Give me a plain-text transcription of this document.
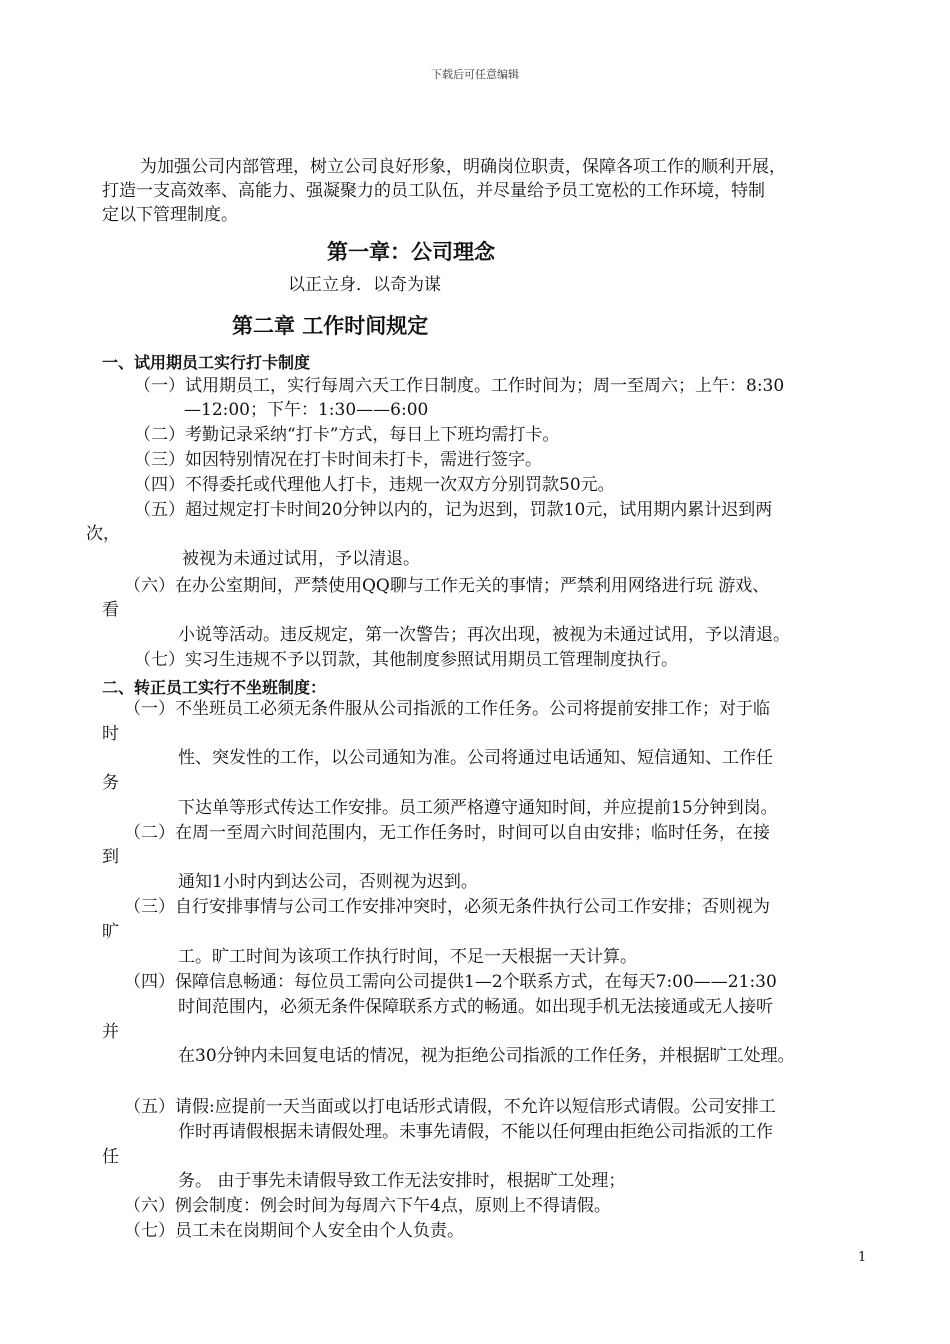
下载后可任意编辑
为加强公司内部管理，树立公司良好形象，明确岗位职责，保障各项工作的顺利开展，
打造一支高效率、高能力、强凝聚力的员工队伍，并尽量给予员工宽松的工作环境，特制
定以下管理制度。
第一章：公司理念
以正立身．以奇为谋
第二章 工作时间规定
一、试用期员工实行打卡制度
（一）试用期员工，实行每周六天工作日制度。工作时间为；周一至周六；上午：8:30
—12:00；下午：1:30——6:00
（二）考勤记录采纳“打卡”方式，每日上下班均需打卡。
（三）如因特别情况在打卡时间未打卡，需进行签字。
（四）不得委托或代理他人打卡，违规一次双方分别罚款50元。
（五）超过规定打卡时间20分钟以内的，记为迟到，罚款10元，试用期内累计迟到两
次，
被视为未通过试用，予以清退。
（六）在办公室期间，严禁使用QQ聊与工作无关的事情；严禁利用网络进行玩 游戏、
看
小说等活动。违反规定，第一次警告；再次出现，被视为未通过试用，予以清退。
（七）实习生违规不予以罚款，其他制度参照试用期员工管理制度执行。
二、转正员工实行不坐班制度：
（一）不坐班员工必须无条件服从公司指派的工作任务。公司将提前安排工作；对于临
时
性、突发性的工作，以公司通知为准。公司将通过电话通知、短信通知、工作任
务
下达单等形式传达工作安排。员工须严格遵守通知时间，并应提前15分钟到岗。
（二）在周一至周六时间范围内，无工作任务时，时间可以自由安排；临时任务，在接
到
通知1小时内到达公司，否则视为迟到。
（三）自行安排事情与公司工作安排冲突时，必须无条件执行公司工作安排；否则视为
旷
工。旷工时间为该项工作执行时间，不足一天根据一天计算。
（四）保障信息畅通：每位员工需向公司提供1—2个联系方式，在每天7:00——21:30
时间范围内，必须无条件保障联系方式的畅通。如出现手机无法接通或无人接听
并
在30分钟内未回复电话的情况，视为拒绝公司指派的工作任务，并根据旷工处理。
（五）请假:应提前一天当面或以打电话形式请假，不允许以短信形式请假。公司安排工
作时再请假根据未请假处理。未事先请假，不能以任何理由拒绝公司指派的工作
任
务。 由于事先未请假导致工作无法安排时，根据旷工处理；
（六）例会制度：例会时间为每周六下午4点，原则上不得请假。
（七）员工未在岗期间个人安全由个人负责。
1
